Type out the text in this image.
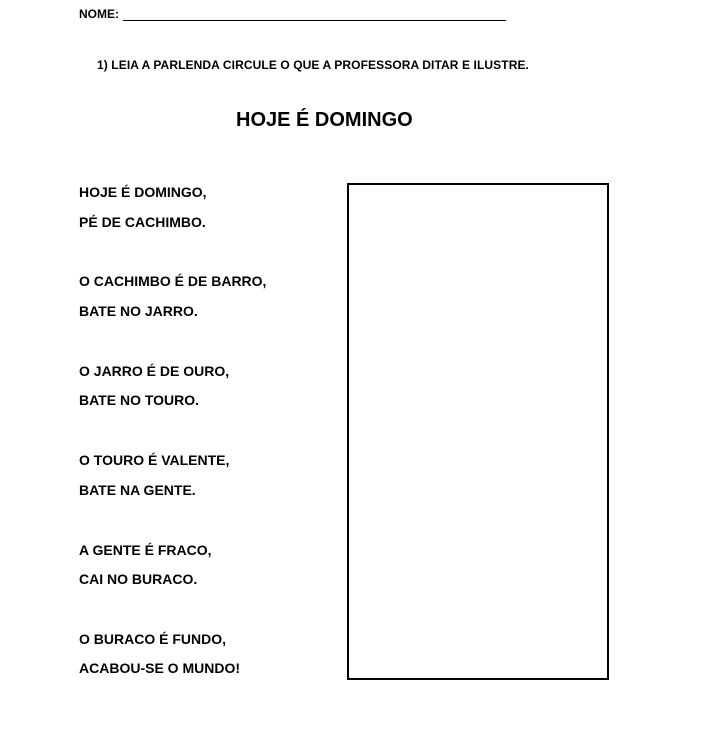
NOME:
1) LEIA A PARLENDA CIRCULE O QUE A PROFESSORA DITAR E ILUSTRE.
HOJE É DOMINGO
HOJE É DOMINGO,
PÉ DE CACHIMBO.
O CACHIMBO É DE BARRO,
BATE NO JARRO.
O JARRO É DE OURO,
BATE NO TOURO.
O TOURO É VALENTE,
BATE NA GENTE.
A GENTE É FRACO,
CAI NO BURACO.
O BURACO É FUNDO,
ACABOU-SE O MUNDO!
